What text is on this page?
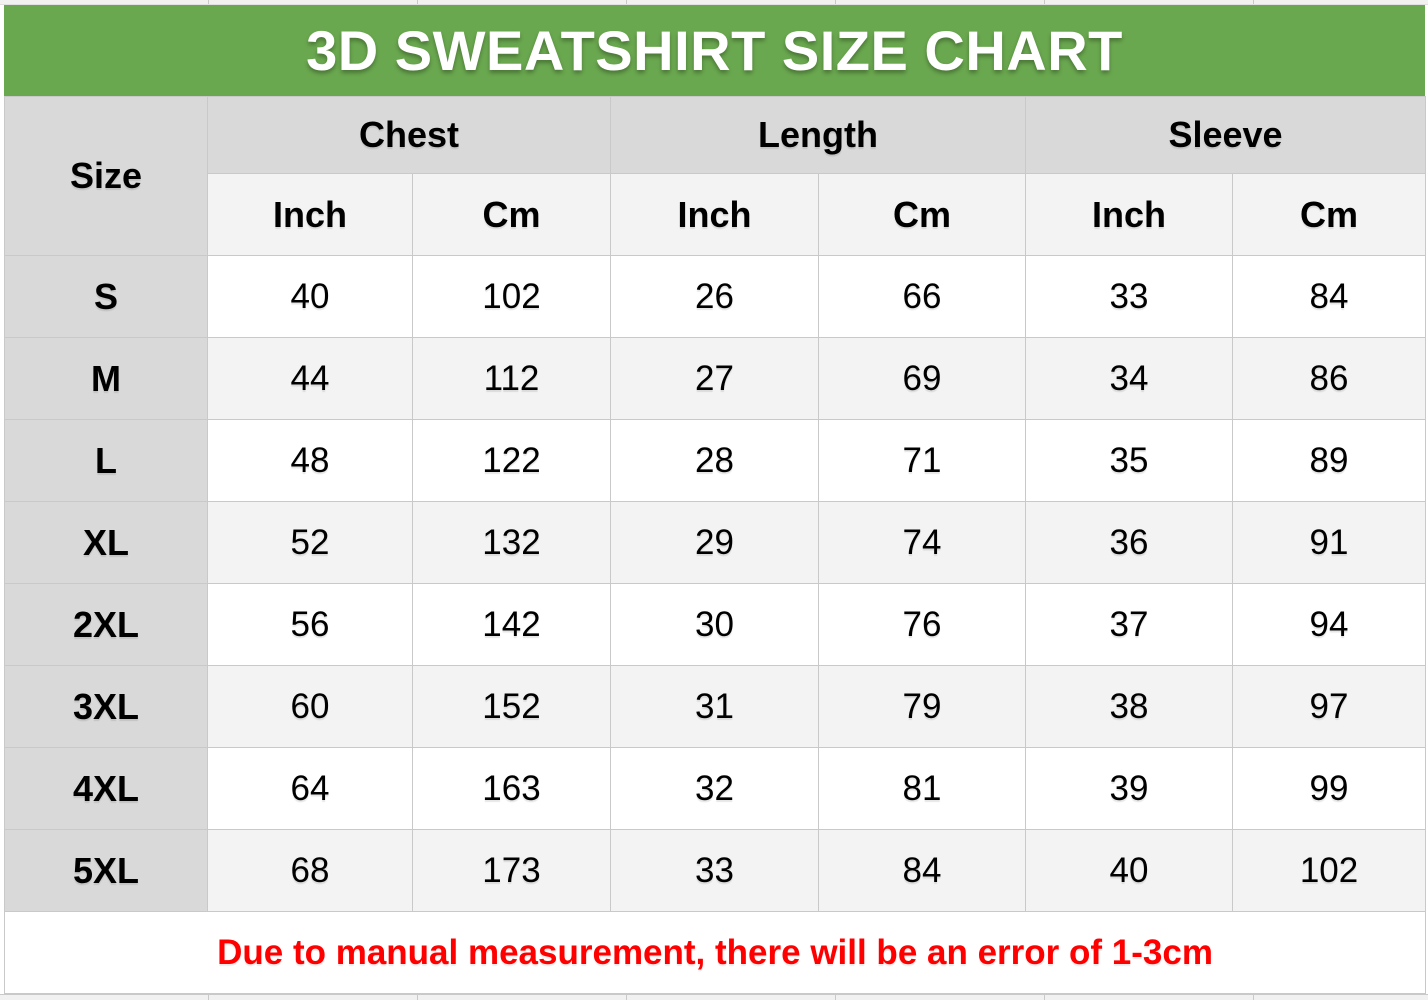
3D SWEATSHIRT SIZE CHART
Size	Chest		Length		Sleeve	
	Inch	Cm	Inch	Cm	Inch	Cm
S	40	102	26	66	33	84
M	44	112	27	69	34	86
L	48	122	28	71	35	89
XL	52	132	29	74	36	91
2XL	56	142	30	76	37	94
3XL	60	152	31	79	38	97
4XL	64	163	32	81	39	99
5XL	68	173	33	84	40	102
Due to manual measurement, there will be an error of 1-3cm						
